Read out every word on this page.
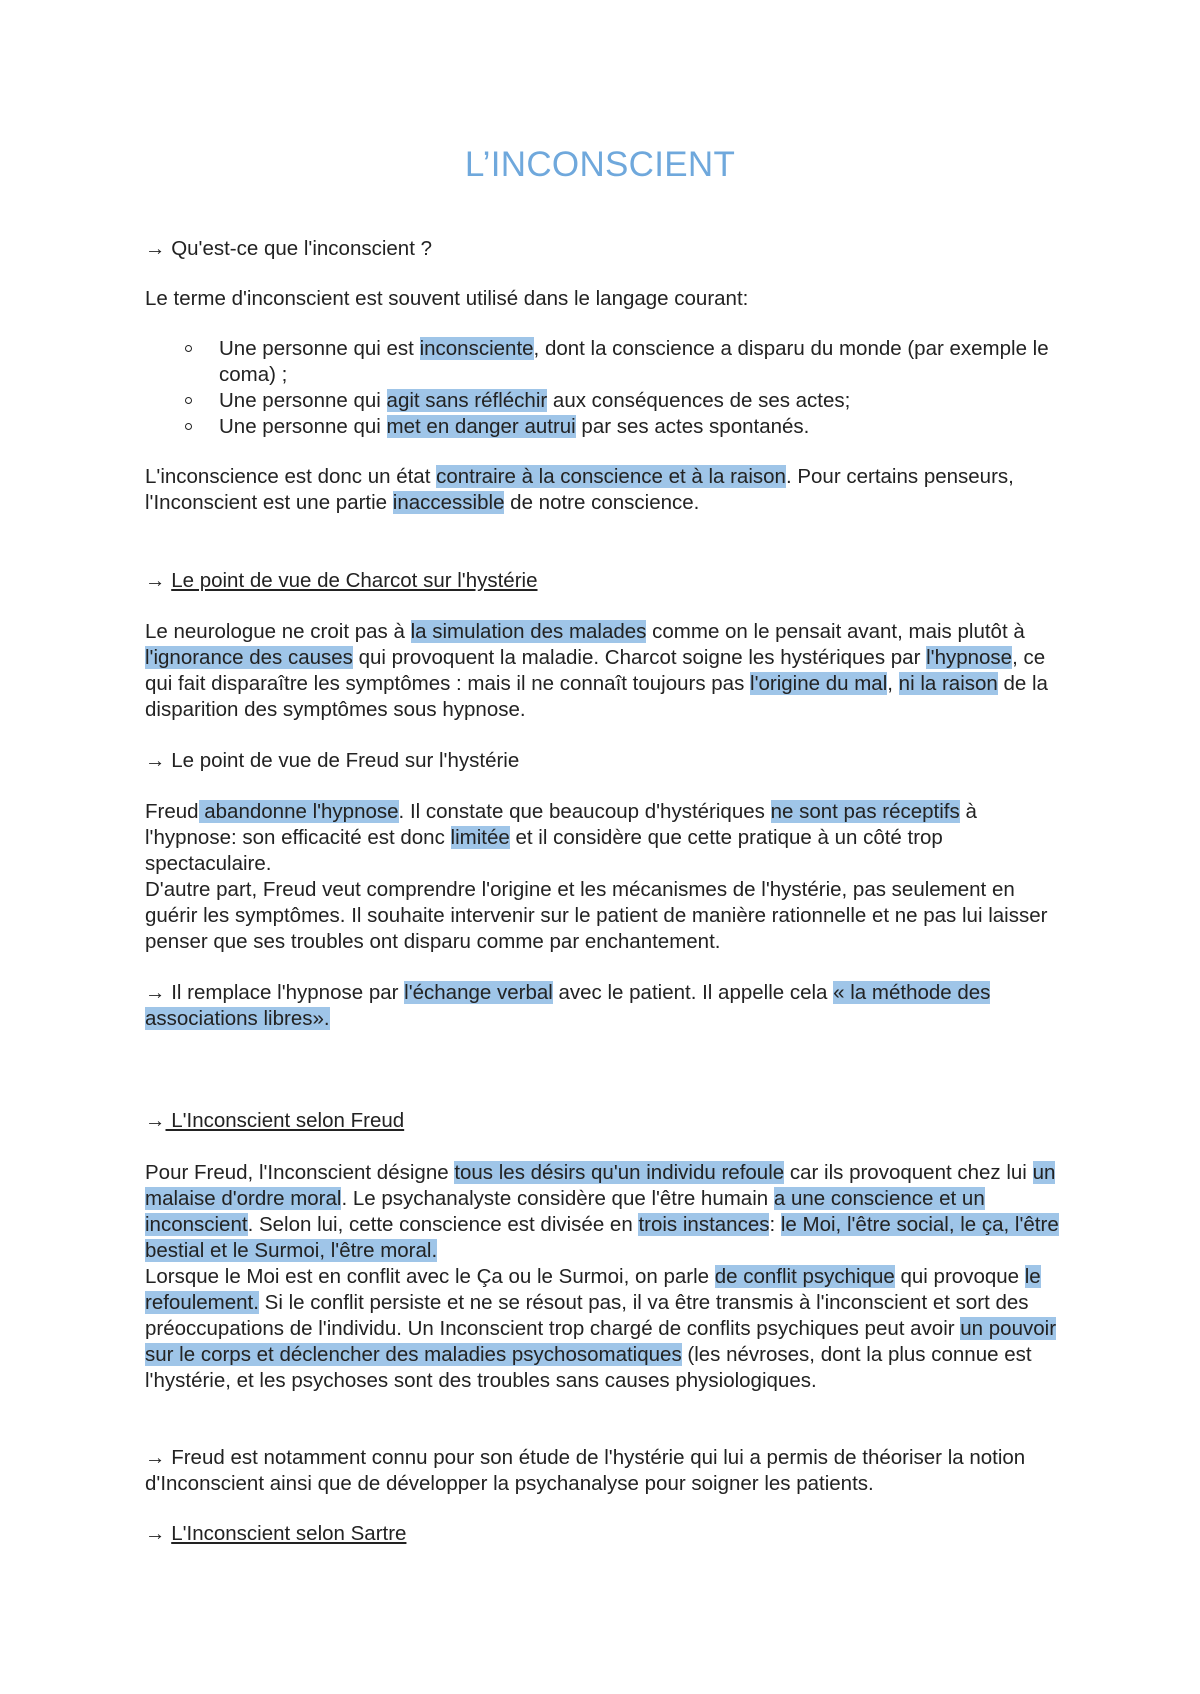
L’INCONSCIENT

→ Qu'est-ce que l'inconscient ?

Le terme d'inconscient est souvent utilisé dans le langage courant:

Une personne qui est inconsciente, dont la conscience a disparu du monde (par exemple le coma) ;
Une personne qui agit sans réfléchir aux conséquences de ses actes;
Une personne qui met en danger autrui par ses actes spontanés.

L'inconscience est donc un état contraire à la conscience et à la raison. Pour certains penseurs, l'Inconscient est une partie inaccessible de notre conscience.

→ Le point de vue de Charcot sur l'hystérie

Le neurologue ne croit pas à la simulation des malades comme on le pensait avant, mais plutôt à l'ignorance des causes qui provoquent la maladie. Charcot soigne les hystériques par l'hypnose, ce qui fait disparaître les symptômes : mais il ne connaît toujours pas l'origine du mal, ni la raison de la disparition des symptômes sous hypnose.

→ Le point de vue de Freud sur l'hystérie

Freud abandonne l'hypnose. Il constate que beaucoup d'hystériques ne sont pas réceptifs à l'hypnose: son efficacité est donc limitée et il considère que cette pratique à un côté trop spectaculaire.

D'autre part, Freud veut comprendre l'origine et les mécanismes de l'hystérie, pas seulement en guérir les symptômes. Il souhaite intervenir sur le patient de manière rationnelle et ne pas lui laisser penser que ses troubles ont disparu comme par enchantement.

→ Il remplace l'hypnose par l'échange verbal avec le patient. Il appelle cela « la méthode des associations libres».

→ L'Inconscient selon Freud

Pour Freud, l'Inconscient désigne tous les désirs qu'un individu refoule car ils provoquent chez lui un malaise d'ordre moral. Le psychanalyste considère que l'être humain a une conscience et un inconscient. Selon lui, cette conscience est divisée en trois instances: le Moi, l'être social, le ça, l'être bestial et le Surmoi, l'être moral.

Lorsque le Moi est en conflit avec le Ça ou le Surmoi, on parle de conflit psychique qui provoque le refoulement. Si le conflit persiste et ne se résout pas, il va être transmis à l'inconscient et sort des préoccupations de l'individu. Un Inconscient trop chargé de conflits psychiques peut avoir un pouvoir sur le corps et déclencher des maladies psychosomatiques (les névroses, dont la plus connue est l'hystérie, et les psychoses sont des troubles sans causes physiologiques.

→ Freud est notamment connu pour son étude de l'hystérie qui lui a permis de théoriser la notion d'Inconscient ainsi que de développer la psychanalyse pour soigner les patients.

→ L'Inconscient selon Sartre
